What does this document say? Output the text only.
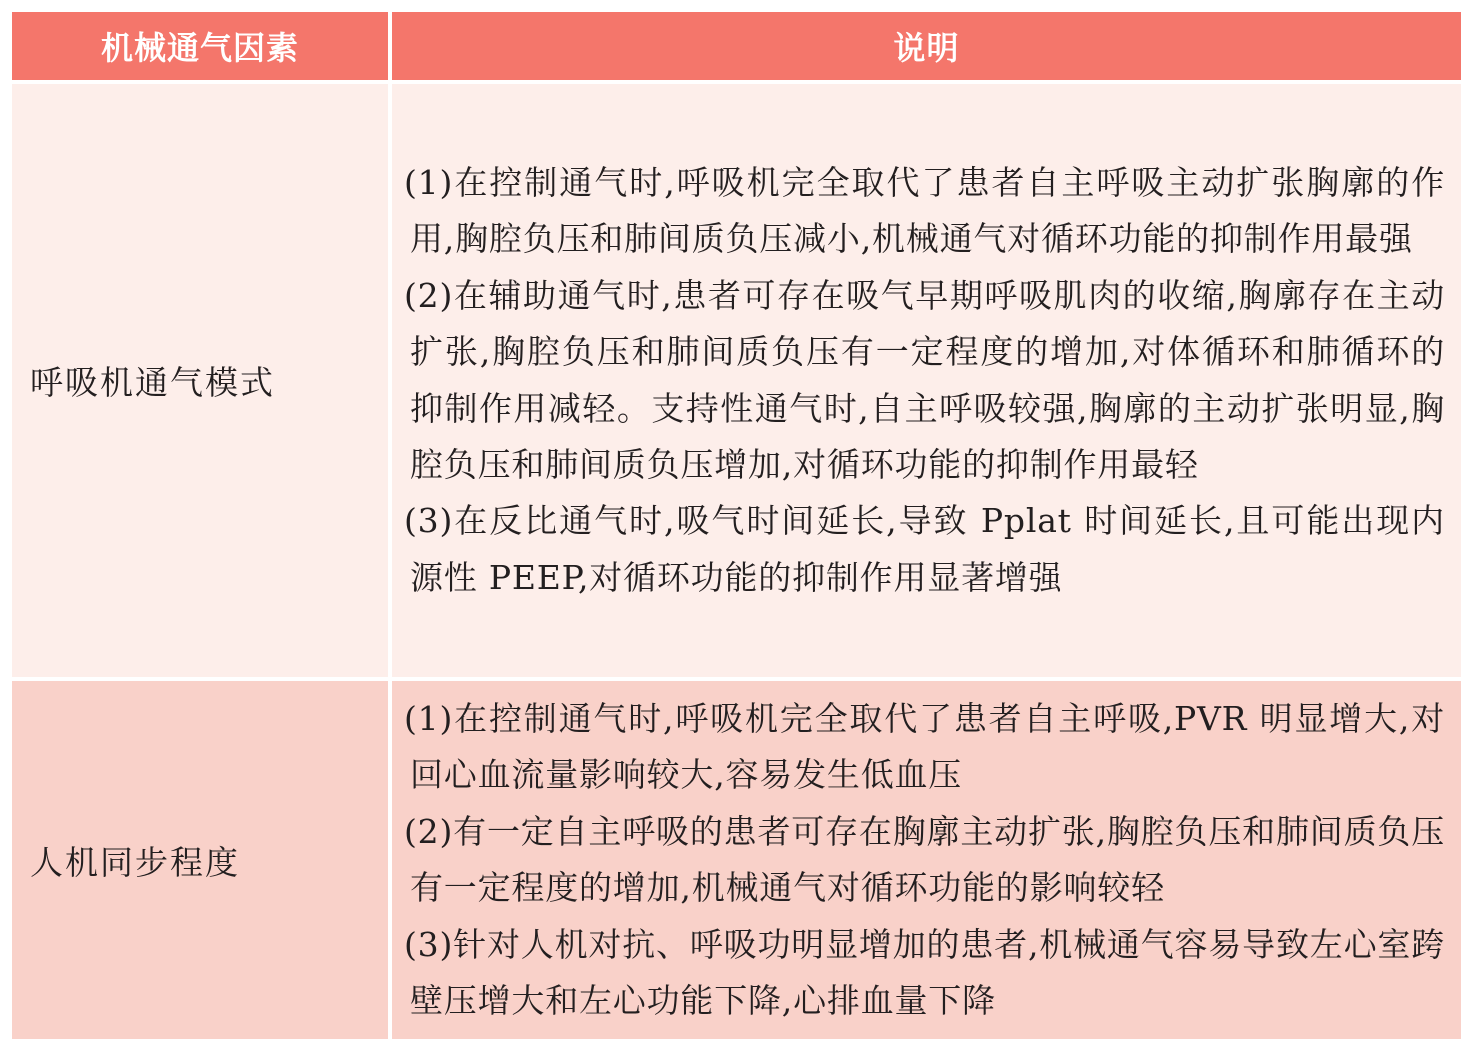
机械通气因素	说明
呼吸机通气模式	(1)在控制通气时,呼吸机完全取代了患者自主呼吸主动扩张胸廓的作用,胸腔负压和肺间质负压减小,机械通气对循环功能的抑制作用最强

(2)在辅助通气时,患者可存在吸气早期呼吸肌肉的收缩,胸廓存在主动扩张,胸腔负压和肺间质负压有一定程度的增加,对体循环和肺循环的抑制作用减轻。支持性通气时,自主呼吸较强,胸廓的主动扩张明显,胸腔负压和肺间质负压增加,对循环功能的抑制作用最轻

(3)在反比通气时,吸气时间延长,导致 Pplat 时间延长,且可能出现内源性 PEEP,对循环功能的抑制作用显著增强

人机同步程度	(1)在控制通气时,呼吸机完全取代了患者自主呼吸,PVR 明显增大,对回心血流量影响较大,容易发生低血压

(2)有一定自主呼吸的患者可存在胸廓主动扩张,胸腔负压和肺间质负压有一定程度的增加,机械通气对循环功能的影响较轻

(3)针对人机对抗、呼吸功明显增加的患者,机械通气容易导致左心室跨壁压增大和左心功能下降,心排血量下降
